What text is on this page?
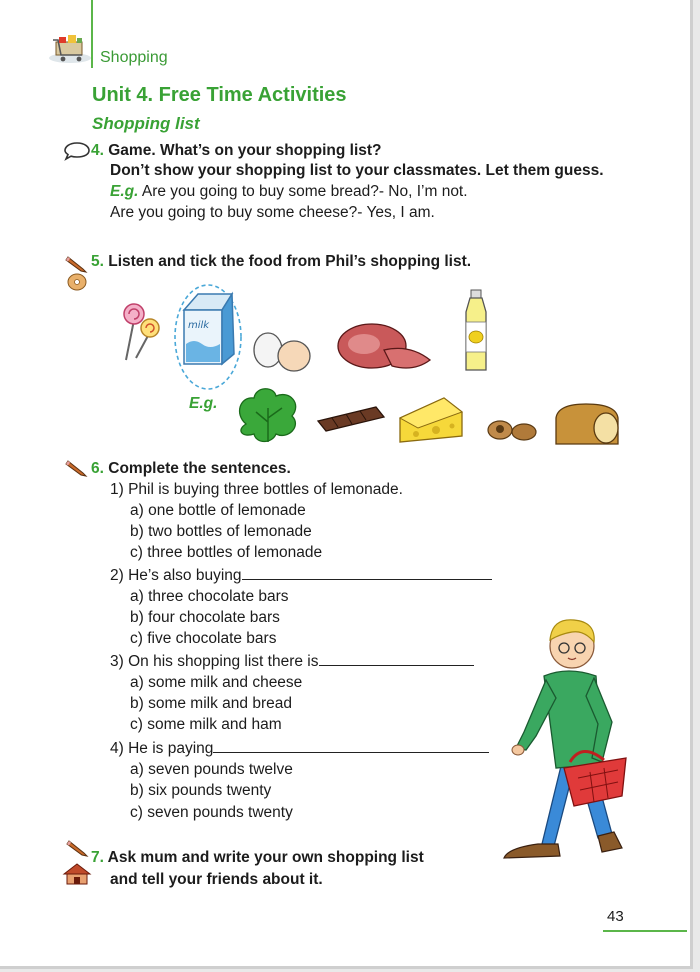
Shopping
Unit 4. Free Time Activities
Shopping list
4. Game. What’s on your shopping list?
Don’t show your shopping list to your classmates. Let them guess.
E.g. Are you going to buy some bread?- No, I’m not.
Are you going to buy some cheese?- Yes, I am.
5. Listen and tick the food from Phil’s shopping list.
milk
E.g.
6. Complete the sentences.
1) Phil is buying three bottles of lemonade.
a) one bottle of lemonade
b) two bottles of lemonade
c) three bottles of lemonade
2) He’s also buying
a) three chocolate bars
b) four chocolate bars
c) five chocolate bars
3) On his shopping list there is
a) some milk and cheese
b) some milk and bread
c) some milk and ham
4) He is paying
a) seven pounds twelve
b) six pounds twenty
c) seven pounds twenty
7. Ask mum and write your own shopping list
and tell your friends about it.
43
